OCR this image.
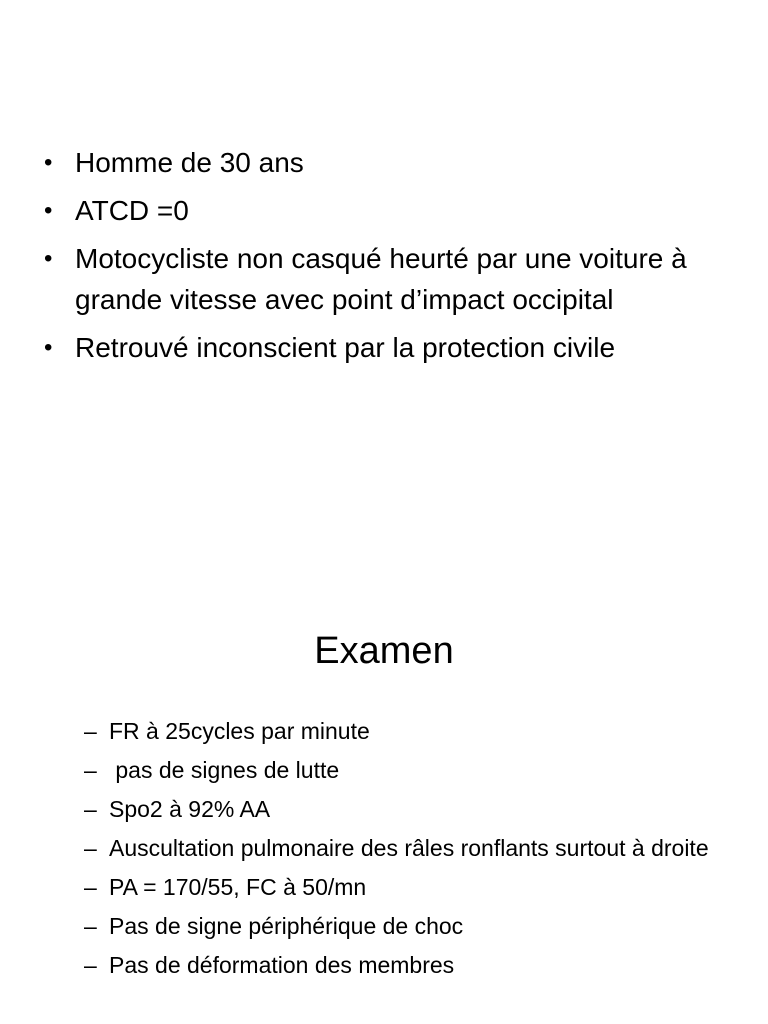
• Homme de 30 ans
• ATCD =0
• Motocycliste non casqué heurté par une voiture à grande vitesse avec point d’impact occipital
• Retrouvé inconscient par la protection civile
Examen
– FR à 25cycles par minute
– pas de signes de lutte
– Spo2 à 92% AA
– Auscultation pulmonaire des râles ronflants surtout à droite
– PA = 170/55, FC à 50/mn
– Pas de signe périphérique de choc
– Pas de déformation des membres
